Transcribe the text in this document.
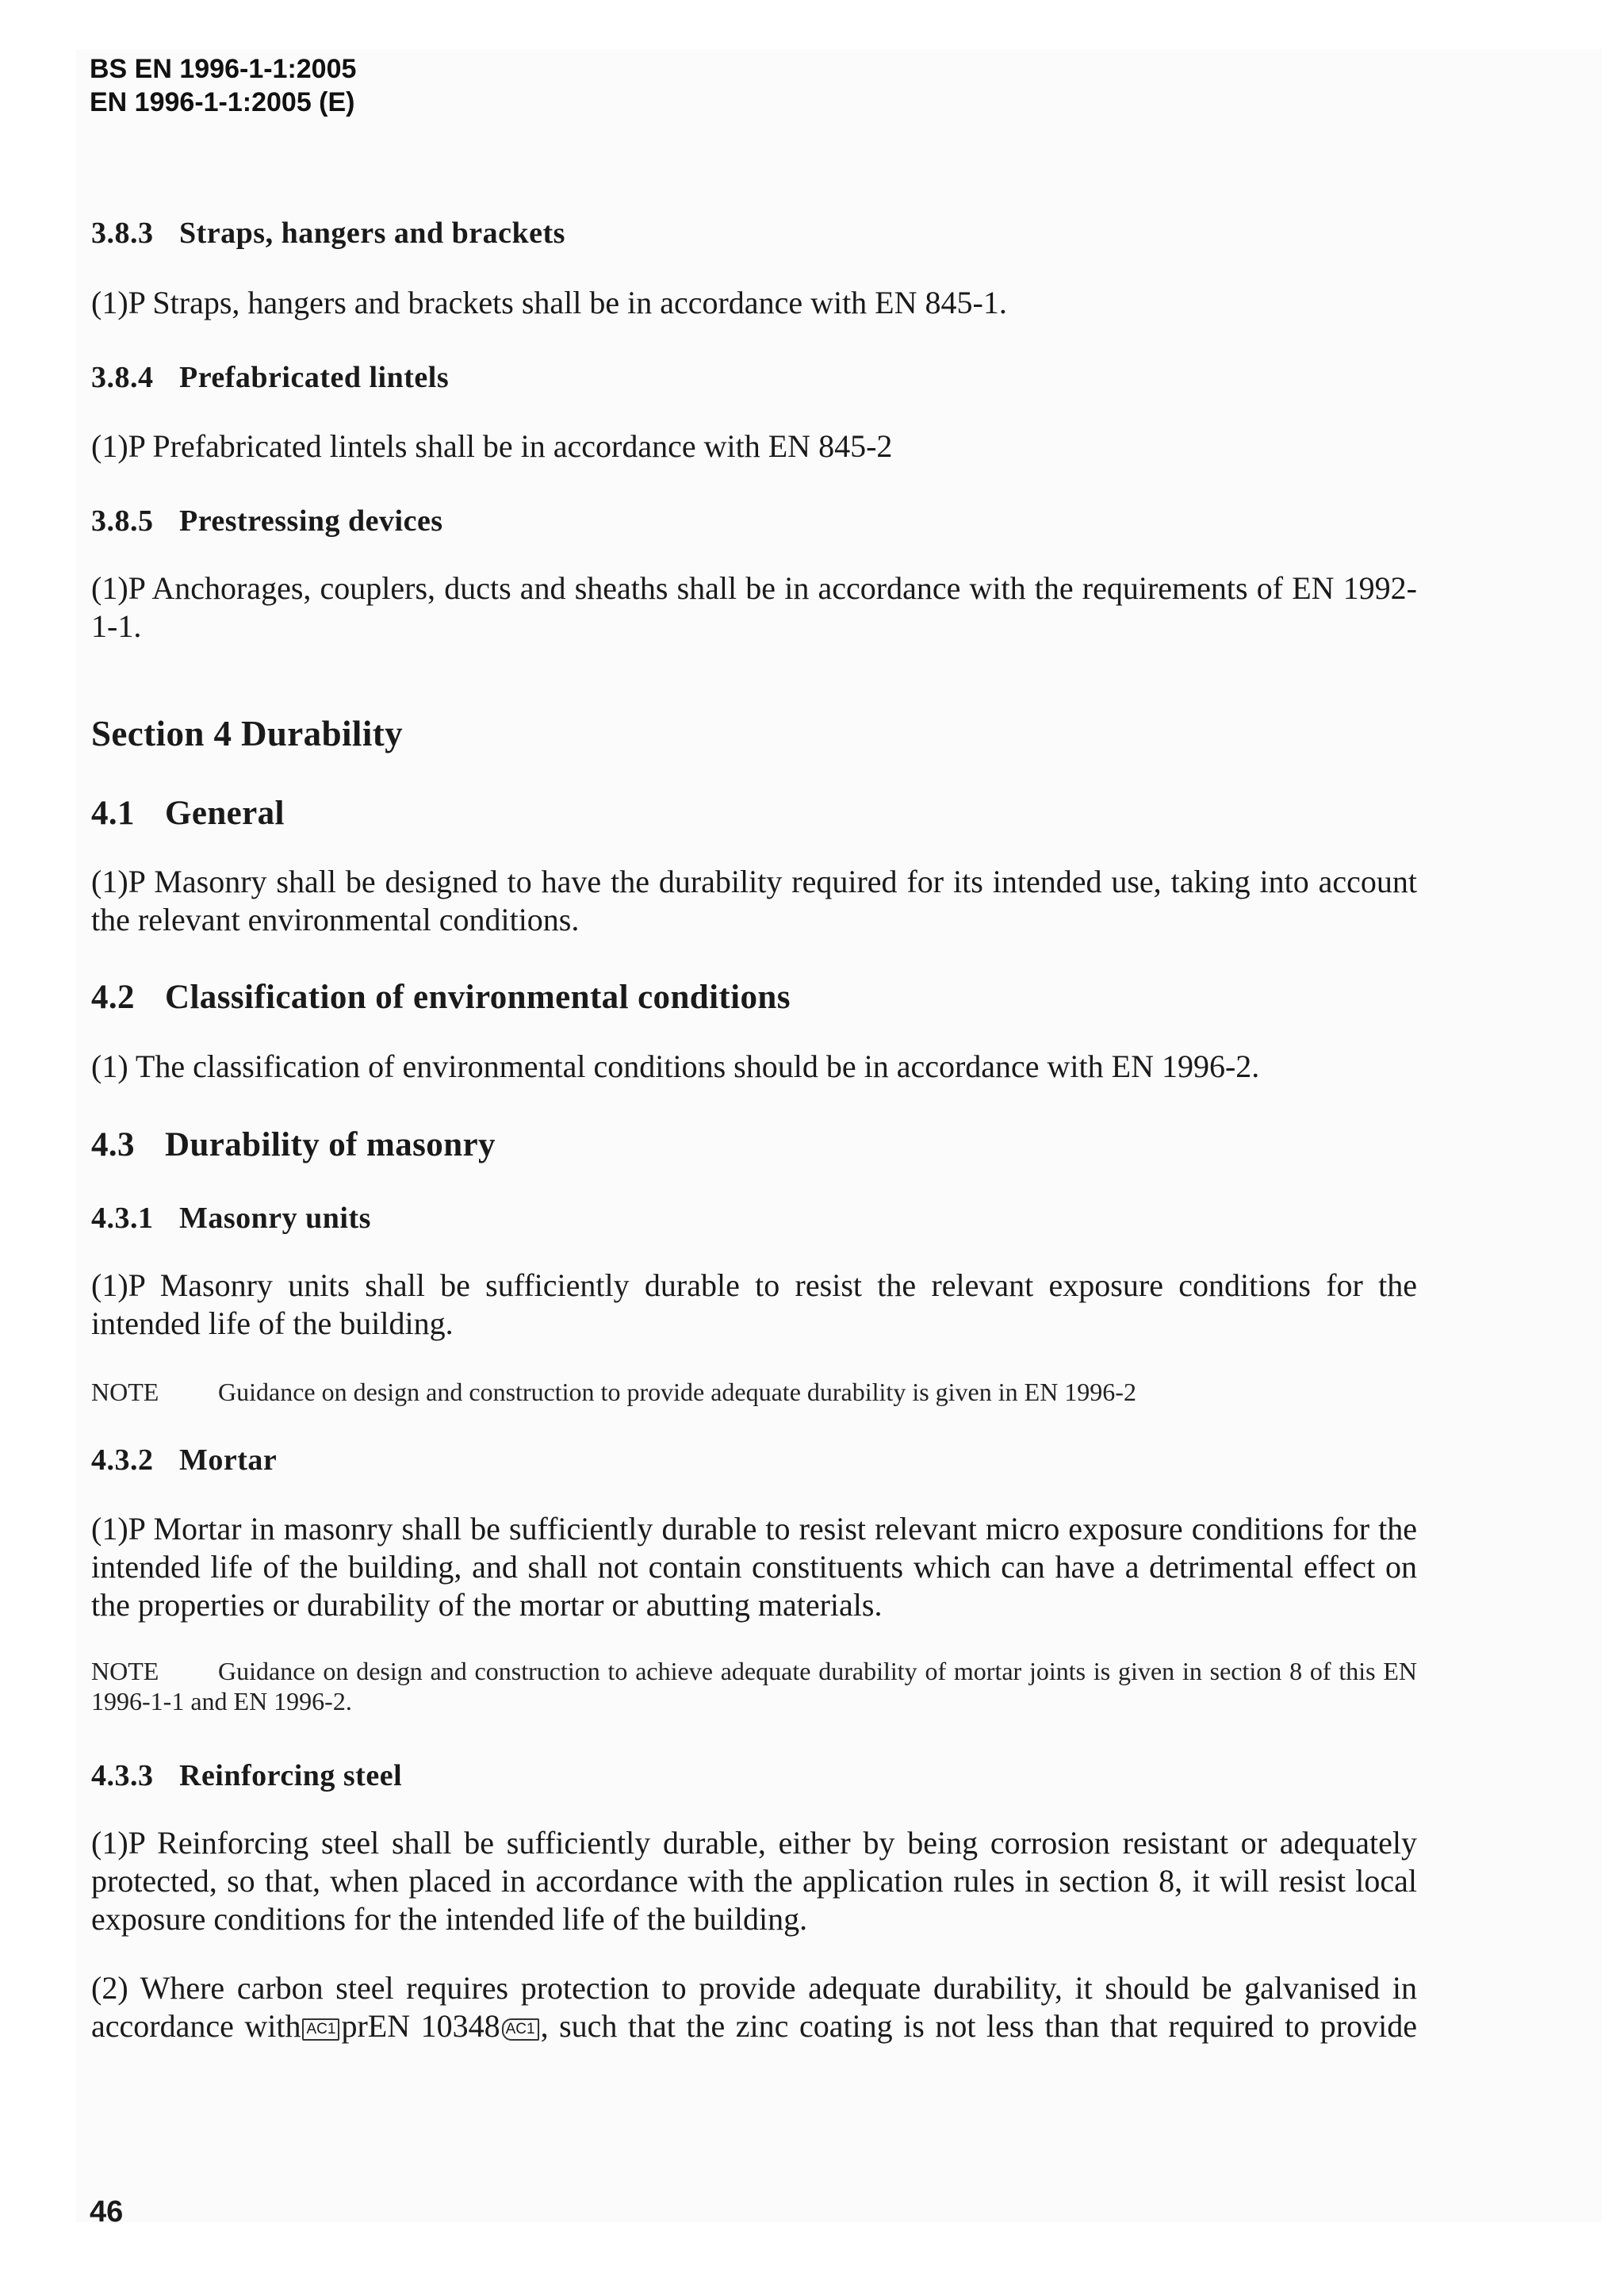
BS EN 1996-1-1:2005

EN 1996-1-1:2005 (E)

3.8.3 Straps, hangers and brackets

(1)P Straps, hangers and brackets shall be in accordance with EN 845-1.

3.8.4 Prefabricated lintels

(1)P Prefabricated lintels shall be in accordance with EN 845-2

3.8.5 Prestressing devices

(1)P Anchorages, couplers, ducts and sheaths shall be in accordance with the requirements of EN 1992-1-1.

Section 4 Durability
4.1 General

(1)P Masonry shall be designed to have the durability required for its intended use, taking into account the relevant environmental conditions.

4.2 Classification of environmental conditions

(1) The classification of environmental conditions should be in accordance with EN 1996-2.

4.3 Durability of masonry
4.3.1 Masonry units

(1)P Masonry units shall be sufficiently durable to resist the relevant exposure conditions for the intended life of the building.

NOTE Guidance on design and construction to provide adequate durability is given in EN 1996-2

4.3.2 Mortar

(1)P Mortar in masonry shall be sufficiently durable to resist relevant micro exposure conditions for the intended life of the building, and shall not contain constituents which can have a detrimental effect on the properties or durability of the mortar or abutting materials.

NOTE Guidance on design and construction to achieve adequate durability of mortar joints is given in section 8 of this EN 1996-1-1 and EN 1996-2.

4.3.3 Reinforcing steel

(1)P Reinforcing steel shall be sufficiently durable, either by being corrosion resistant or adequately protected, so that, when placed in accordance with the application rules in section 8, it will resist local exposure conditions for the intended life of the building.

(2) Where carbon steel requires protection to provide adequate durability, it should be galvanised in accordance with AC1 prEN 10348 AC1 , such that the zinc coating is not less than that required to provide

46
